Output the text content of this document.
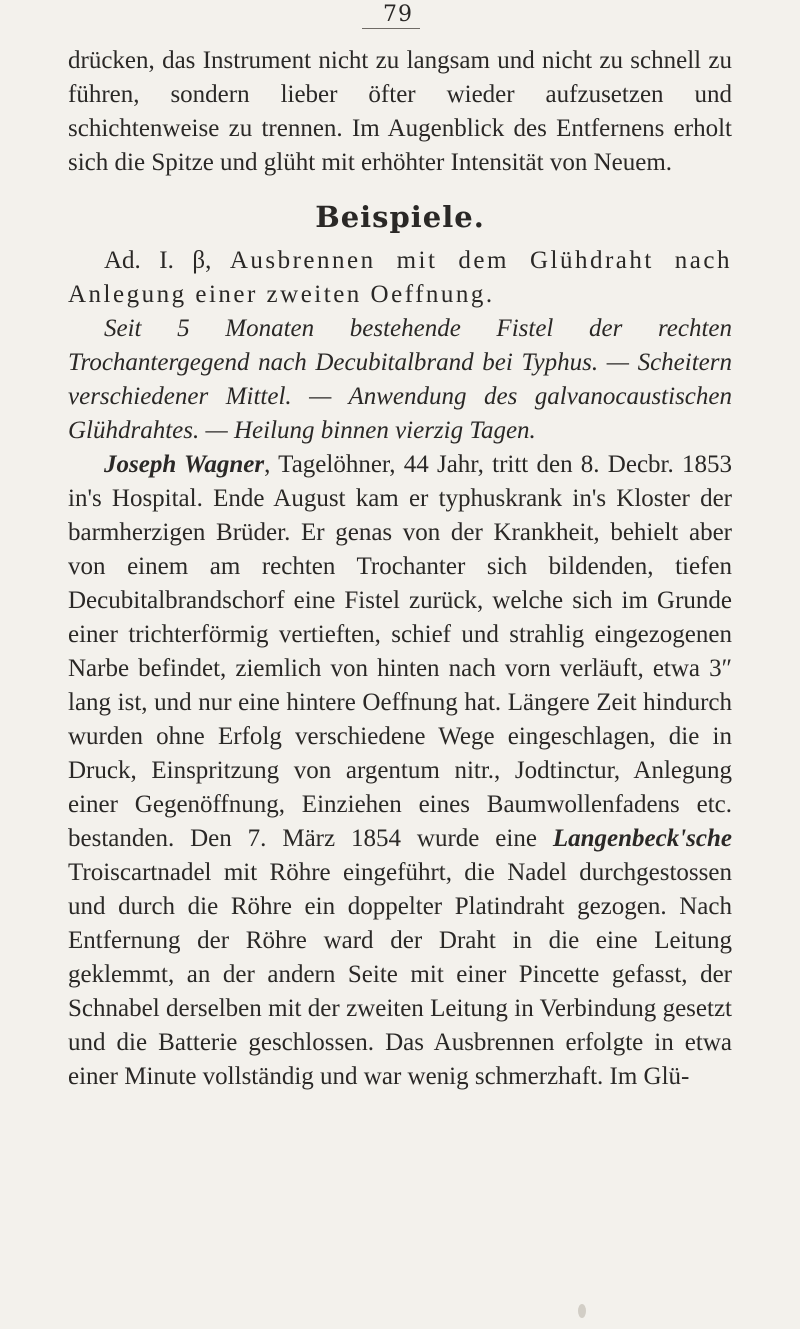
79

drücken, das Instrument nicht zu langsam und nicht zu schnell zu führen, sondern lieber öfter wieder aufzusetzen und schichtenweise zu trennen. Im Augenblick des Entfernens erholt sich die Spitze und glüht mit erhöhter Intensität von Neuem.

Beispiele.

Ad. I. β, Ausbrennen mit dem Glühdraht nach Anlegung einer zweiten Oeffnung.

Seit 5 Monaten bestehende Fistel der rechten Trochantergegend nach Decubitalbrand bei Typhus. — Scheitern verschiedener Mittel. — Anwendung des galvanocaustischen Glühdrahtes. — Heilung binnen vierzig Tagen.

Joseph Wagner, Tagelöhner, 44 Jahr, tritt den 8. Decbr. 1853 in's Hospital. Ende August kam er typhuskrank in's Kloster der barmherzigen Brüder. Er genas von der Krankheit, behielt aber von einem am rechten Trochanter sich bildenden, tiefen Decubitalbrandschorf eine Fistel zurück, welche sich im Grunde einer trichterförmig vertieften, schief und strahlig eingezogenen Narbe befindet, ziemlich von hinten nach vorn verläuft, etwa 3″ lang ist, und nur eine hintere Oeffnung hat. Längere Zeit hindurch wurden ohne Erfolg verschiedene Wege eingeschlagen, die in Druck, Einspritzung von argentum nitr., Jodtinctur, Anlegung einer Gegenöffnung, Einziehen eines Baumwollenfadens etc. bestanden. Den 7. März 1854 wurde eine Langenbeck'sche Troiscartnadel mit Röhre eingeführt, die Nadel durchgestossen und durch die Röhre ein doppelter Platindraht gezogen. Nach Entfernung der Röhre ward der Draht in die eine Leitung geklemmt, an der andern Seite mit einer Pincette gefasst, der Schnabel derselben mit der zweiten Leitung in Verbindung gesetzt und die Batterie geschlossen. Das Ausbrennen erfolgte in etwa einer Minute vollständig und war wenig schmerzhaft. Im Glü-
